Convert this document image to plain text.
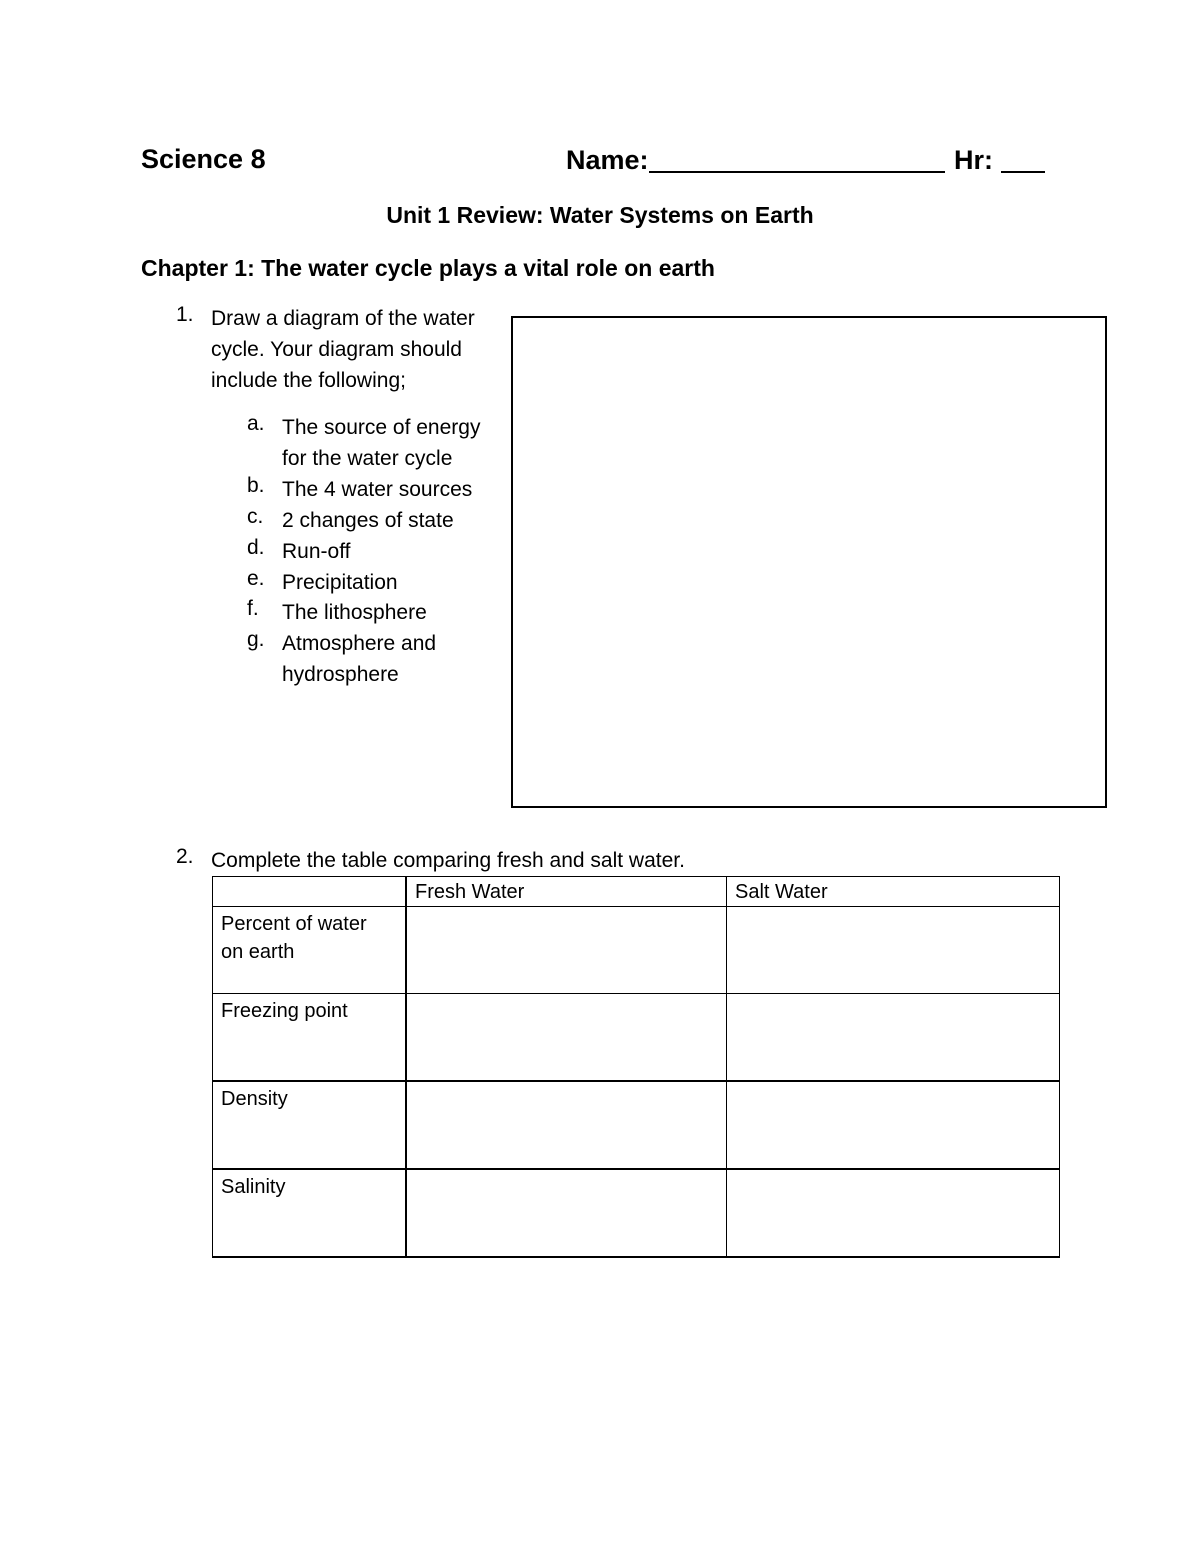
Science 8	Name:	Hr:
Unit 1 Review: Water Systems on Earth
Chapter 1: The water cycle plays a vital role on earth
1. Draw a diagram of the water
cycle. Your diagram should
include the following;
a. The source of energy
for the water cycle
b. The 4 water sources
c. 2 changes of state
d. Run-off
e. Precipitation
f. The lithosphere
g. Atmosphere and
hydrosphere
2. Complete the table comparing fresh and salt water.
	Fresh Water	Salt Water

Percent of water
on earth		

Freezing point		
Density		
Salinity		
